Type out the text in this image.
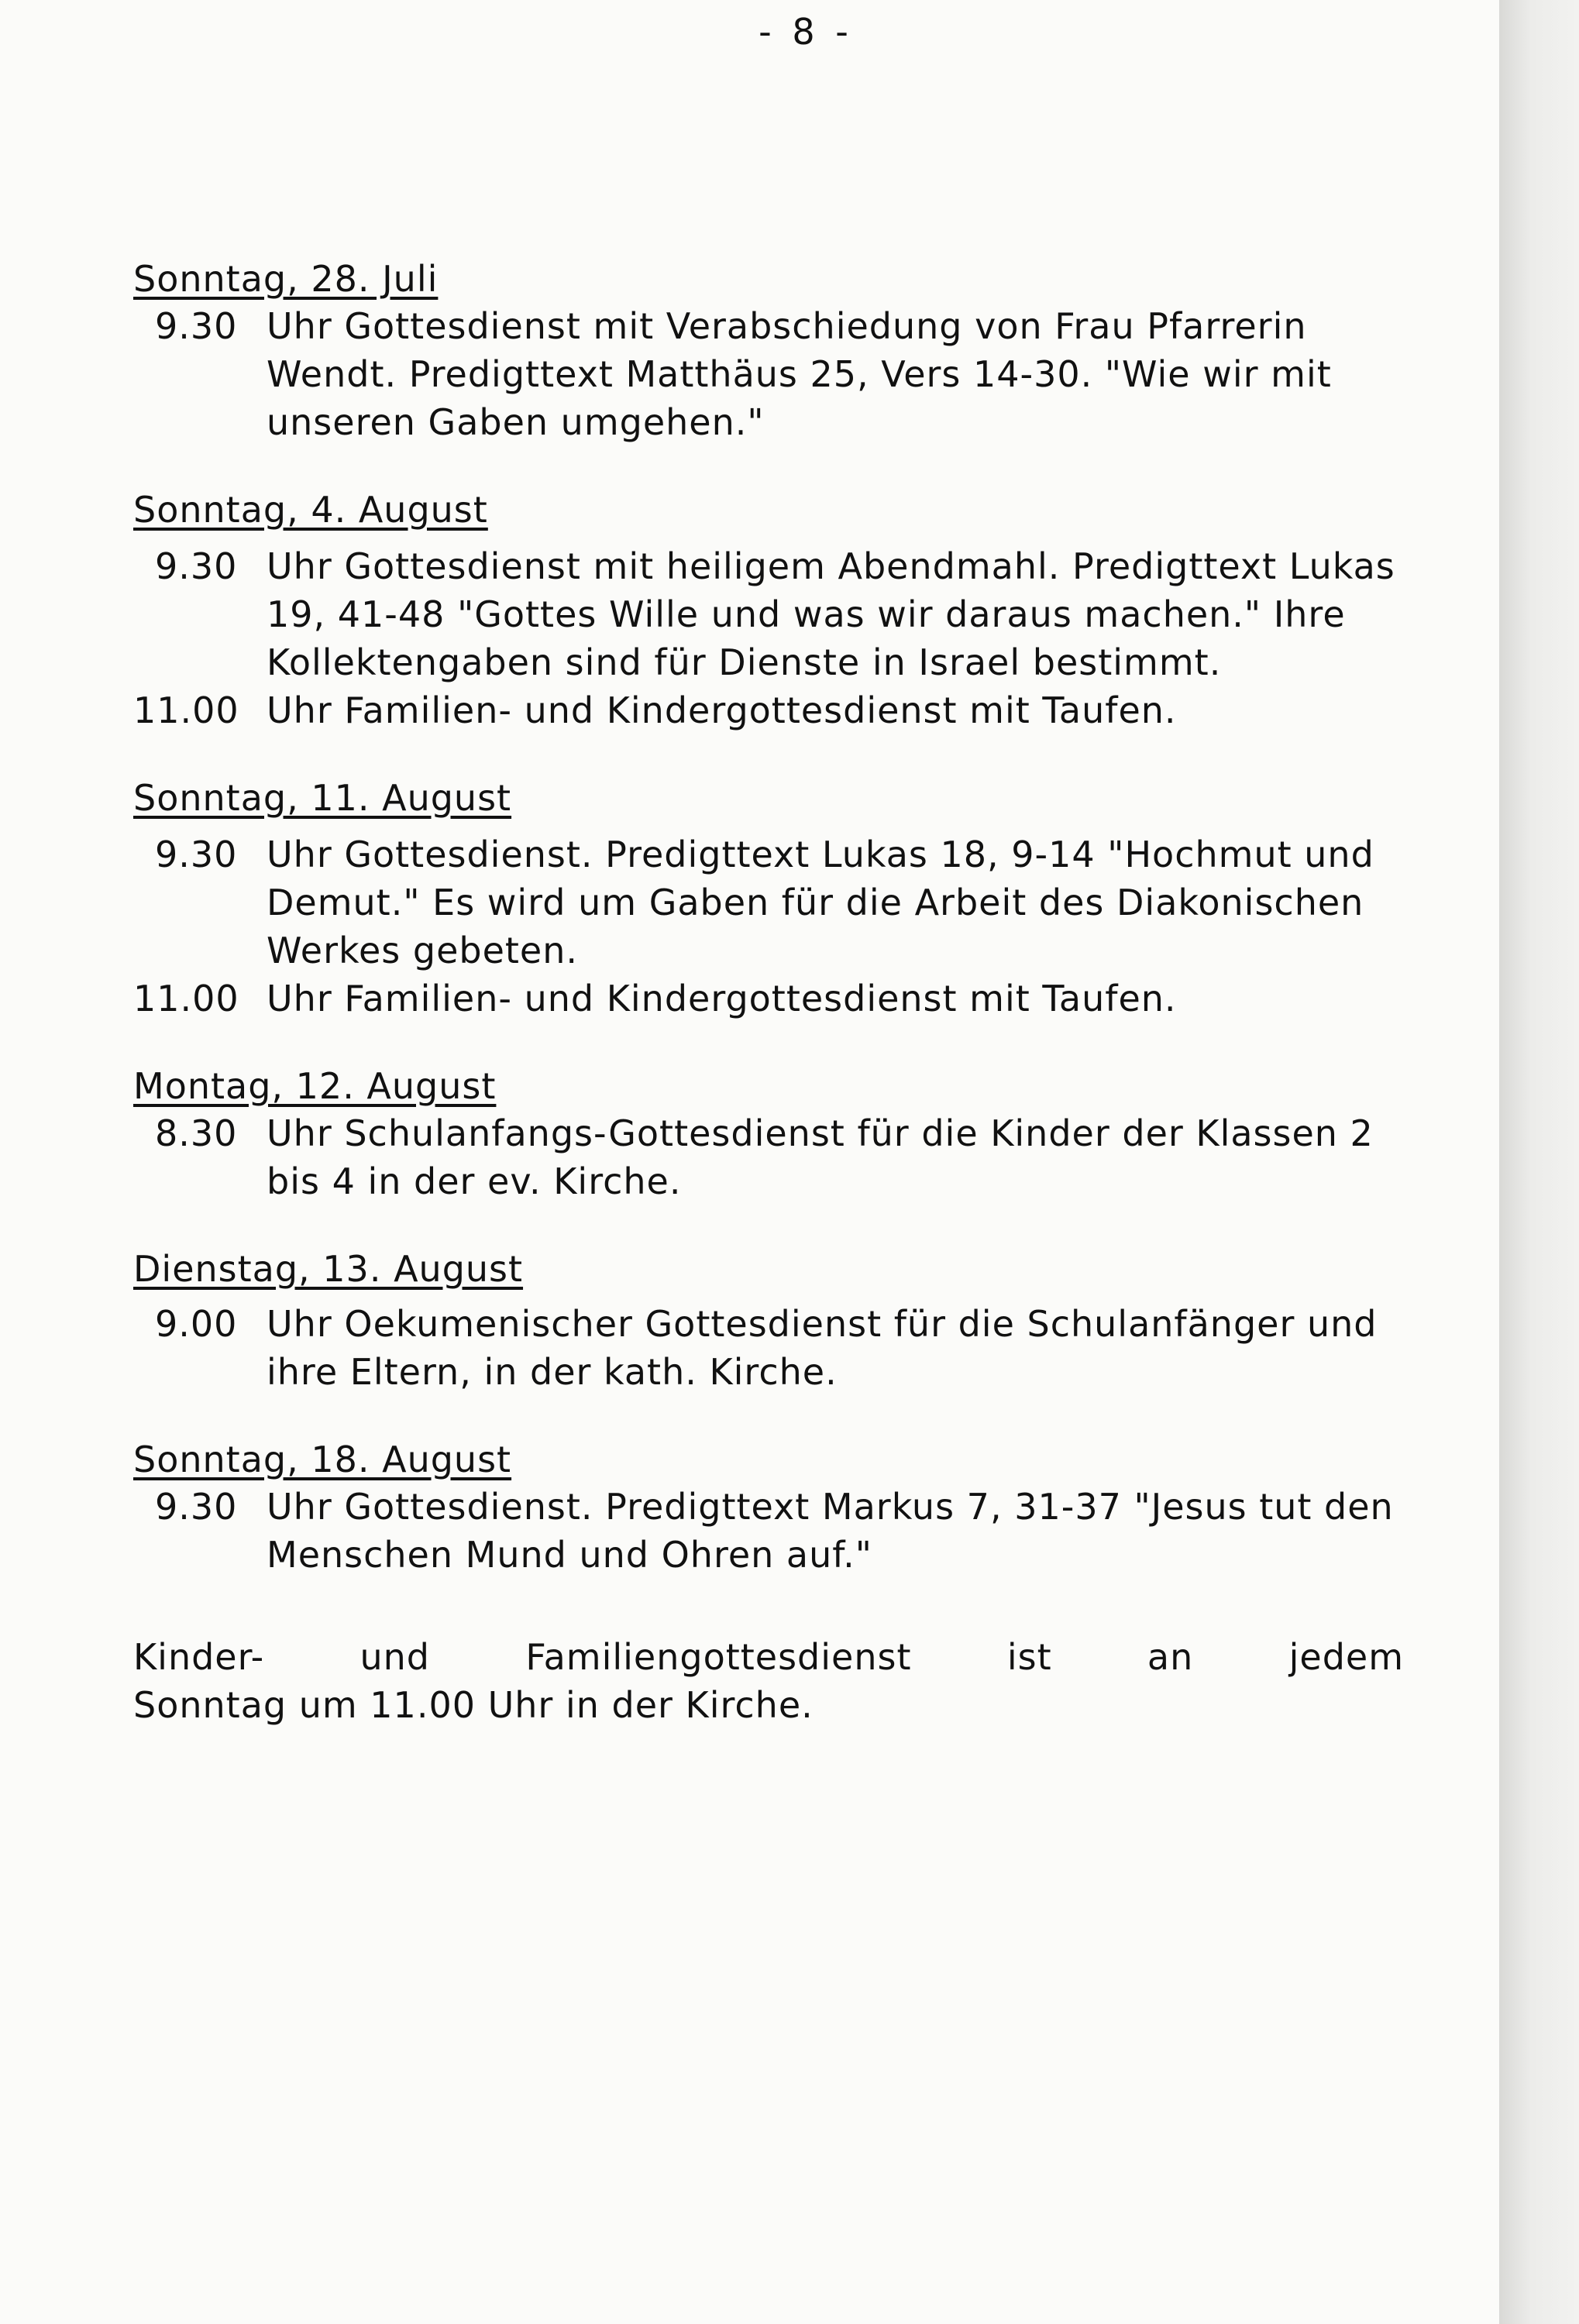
- 8 -
Sonntag, 28. Juli
9.30 Uhr Gottesdienst mit Verabschiedung von Frau Pfarrerin Wendt. Predigttext Matthäus 25, Vers 14-30. "Wie wir mit unseren Gaben umgehen."
Sonntag, 4. August
9.30 Uhr Gottesdienst mit heiligem Abendmahl. Predigttext Lukas 19, 41-48 "Gottes Wille und was wir daraus machen." Ihre Kollektengaben sind für Dienste in Israel bestimmt.
11.00 Uhr Familien- und Kindergottesdienst mit Taufen.
Sonntag, 11. August
9.30 Uhr Gottesdienst. Predigttext Lukas 18, 9-14 "Hochmut und Demut." Es wird um Gaben für die Arbeit des Diakonischen Werkes gebeten.
11.00 Uhr Familien- und Kindergottesdienst mit Taufen.
Montag, 12. August
8.30 Uhr Schulanfangs-Gottesdienst für die Kinder der Klassen 2 bis 4 in der ev. Kirche.
Dienstag, 13. August
9.00 Uhr Oekumenischer Gottesdienst für die Schulanfänger und ihre Eltern, in der kath. Kirche.
Sonntag, 18. August
9.30 Uhr Gottesdienst. Predigttext Markus 7, 31-37 "Jesus tut den Menschen Mund und Ohren auf."
Kinder- und Familiengottesdienst ist an jedem
Sonntag um 11.00 Uhr in der Kirche.
